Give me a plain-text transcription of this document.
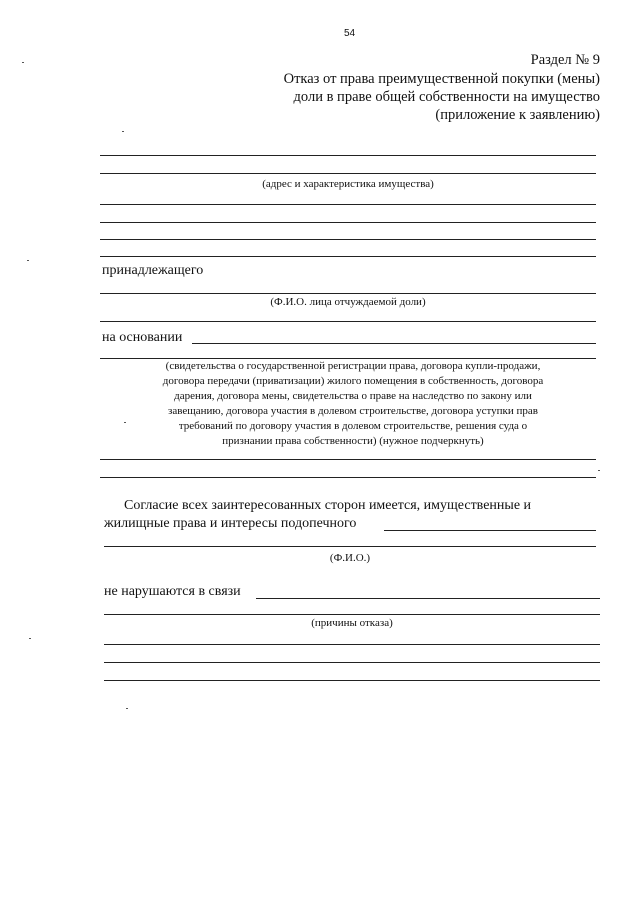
54
Раздел № 9
Отказ от права преимущественной покупки (мены)
доли в праве общей собственности на имущество
(приложение к заявлению)
(адрес и характеристика имущества)
принадлежащего
(Ф.И.О. лица отчуждаемой доли)
на основании
(свидетельства о государственной регистрации права, договора купли-продажи,
договора передачи (приватизации) жилого помещения в собственность, договора
дарения, договора мены, свидетельства о праве на наследство по закону или
завещанию, договора участия в долевом строительстве, договора уступки прав
требований по договору участия в долевом строительстве, решения суда о
признании права собственности) (нужное подчеркнуть)
Согласие всех заинтересованных сторон имеется, имущественные и
жилищные права и интересы подопечного
(Ф.И.О.)
не нарушаются в связи
(причины отказа)
